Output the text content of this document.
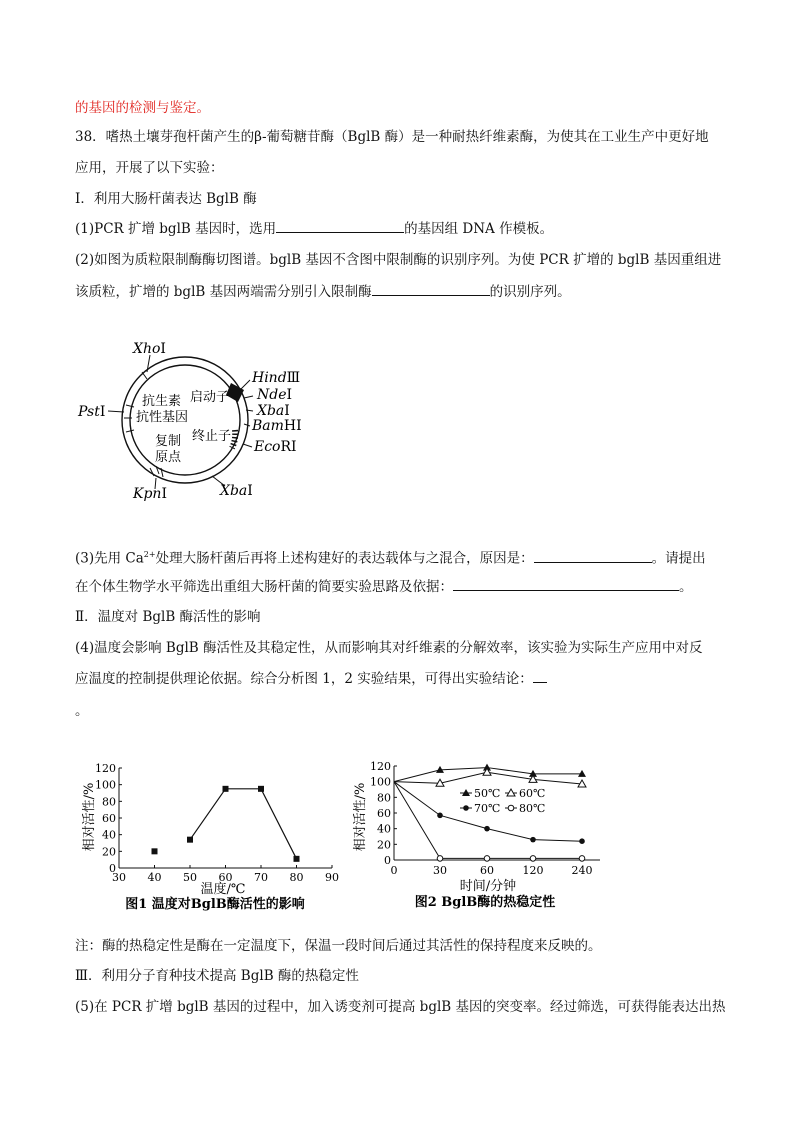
的基因的检测与鉴定。
38．嗜热土壤芽孢杆菌产生的β-葡萄糖苷酶（BglB 酶）是一种耐热纤维素酶，为使其在工业生产中更好地
应用，开展了以下实验：
I．利用大肠杆菌表达 BglB 酶
(1)PCR 扩增 bglB 基因时，选用	的基因组 DNA 作模板。
(2)如图为质粒限制酶酶切图谱。bglB 基因不含图中限制酶的识别序列。为使 PCR 扩增的 bglB 基因重组进
该质粒，扩增的 bglB 基因两端需分别引入限制酶	的识别序列。
XhoⅠ
HindⅢ
NdeⅠ
XbaⅠ
BamHⅠ
EcoRⅠ
XbaⅠ
KpnⅠ
PstⅠ
启动子
终止子
抗生素
抗性基因
复制
原点
(3)先用 $Ca^{2+}$处理大肠杆菌后再将上述构建好的表达载体与之混合，原因是：	。请提出
在个体生物学水平筛选出重组大肠杆菌的简要实验思路及依据：	。
Ⅱ．温度对 BglB 酶活性的影响
(4)温度会影响 BglB 酶活性及其稳定性，从而影响其对纤维素的分解效率，该实验为实际生产应用中对反
应温度的控制提供理论依据。综合分析图 1，2 实验结果，可得出实验结论：
。
30 40 50 60 70 80 90
0
20
40
60
80
100
120
图1 温度对BglB酶活性的影响
温度/℃
相对活性/%
0	30	60	120	240
0
20
40
60
80
100
120
50℃ 60℃
70℃ 80℃
图2 BglB酶的热稳定性
时间/分钟
相对活性/%
注：酶的热稳定性是酶在一定温度下，保温一段时间后通过其活性的保持程度来反映的。
Ⅲ．利用分子育种技术提高 BglB 酶的热稳定性
(5)在 PCR 扩增 bglB 基因的过程中，加入诱变剂可提高 bglB 基因的突变率。经过筛选，可获得能表达出热
